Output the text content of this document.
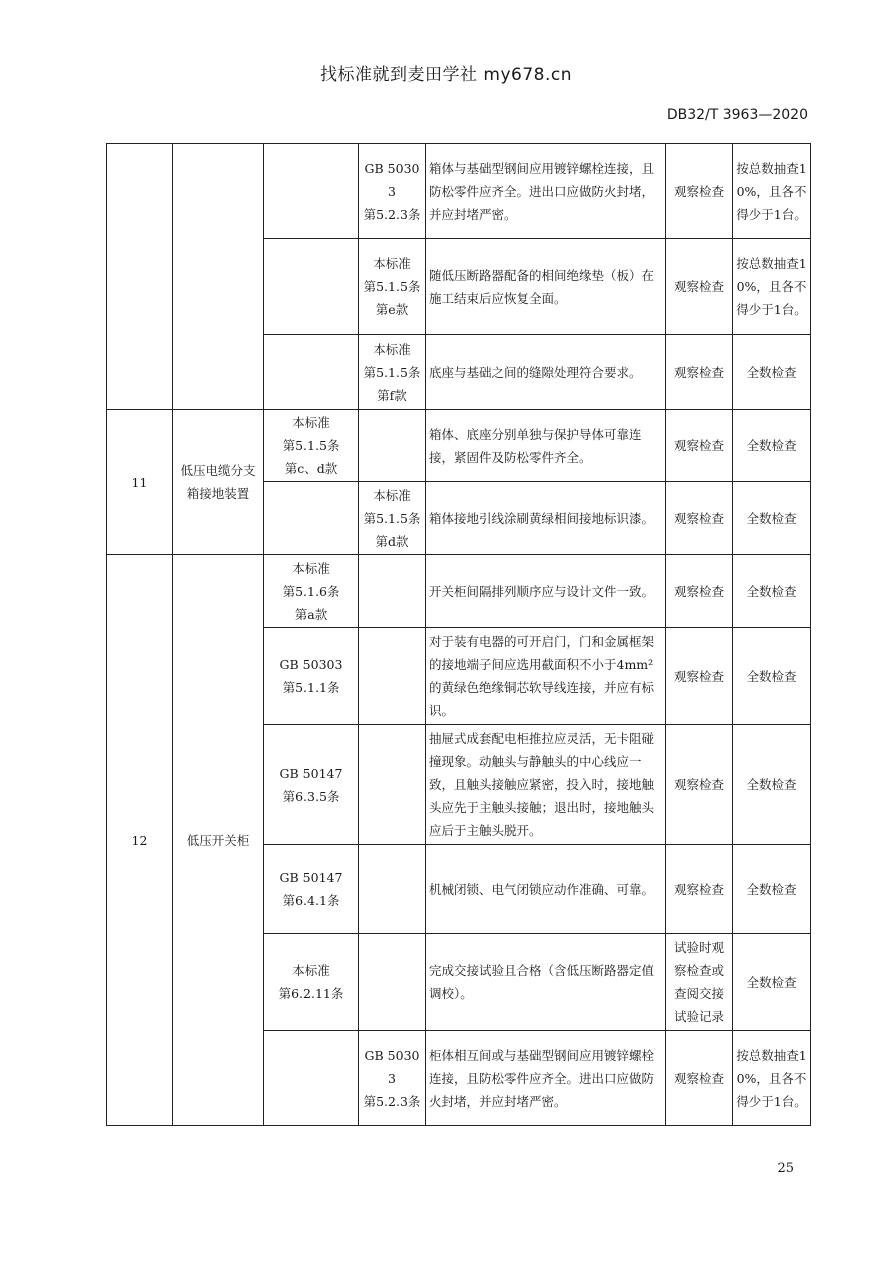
找标准就到麦田学社 my678.cn
DB32/T 3963—2020
			GB 50303
第5.2.3条	箱体与基础型钢间应用镀锌螺栓连接，且防松零件应齐全。进出口应做防火封堵，并应封堵严密。	观察检查	按总数抽查10%，且各不得少于1台。
			本标准
第5.1.5条
第e款	随低压断路器配备的相间绝缘垫（板）在施工结束后应恢复全面。	观察检查	按总数抽查10%，且各不得少于1台。
			本标准
第5.1.5条
第f款	底座与基础之间的缝隙处理符合要求。	观察检查	全数检查
11	低压电缆分支箱接地装置	本标准
第5.1.5条
第c、d款		箱体、底座分别单独与保护导体可靠连接，紧固件及防松零件齐全。	观察检查	全数检查
			本标准
第5.1.5条
第d款	箱体接地引线涂刷黄绿相间接地标识漆。	观察检查	全数检查
12	低压开关柜	本标准
第5.1.6条
第a款		开关柜间隔排列顺序应与设计文件一致。	观察检查	全数检查
		GB 50303
第5.1.1条		对于装有电器的可开启门，门和金属框架的接地端子间应选用截面积不小于4mm²的黄绿色绝缘铜芯软导线连接，并应有标识。	观察检查	全数检查
		GB 50147
第6.3.5条		抽屉式成套配电柜推拉应灵活，无卡阻碰撞现象。动触头与静触头的中心线应一致，且触头接触应紧密，投入时，接地触头应先于主触头接触；退出时，接地触头应后于主触头脱开。	观察检查	全数检查
		GB 50147
第6.4.1条		机械闭锁、电气闭锁应动作准确、可靠。	观察检查	全数检查
		本标准
第6.2.11条		完成交接试验且合格（含低压断路器定值调校）。	试验时观察检查或查阅交接试验记录	全数检查
			GB 50303
第5.2.3条	柜体相互间或与基础型钢间应用镀锌螺栓连接，且防松零件应齐全。进出口应做防火封堵，并应封堵严密。	观察检查	按总数抽查10%，且各不得少于1台。
25
